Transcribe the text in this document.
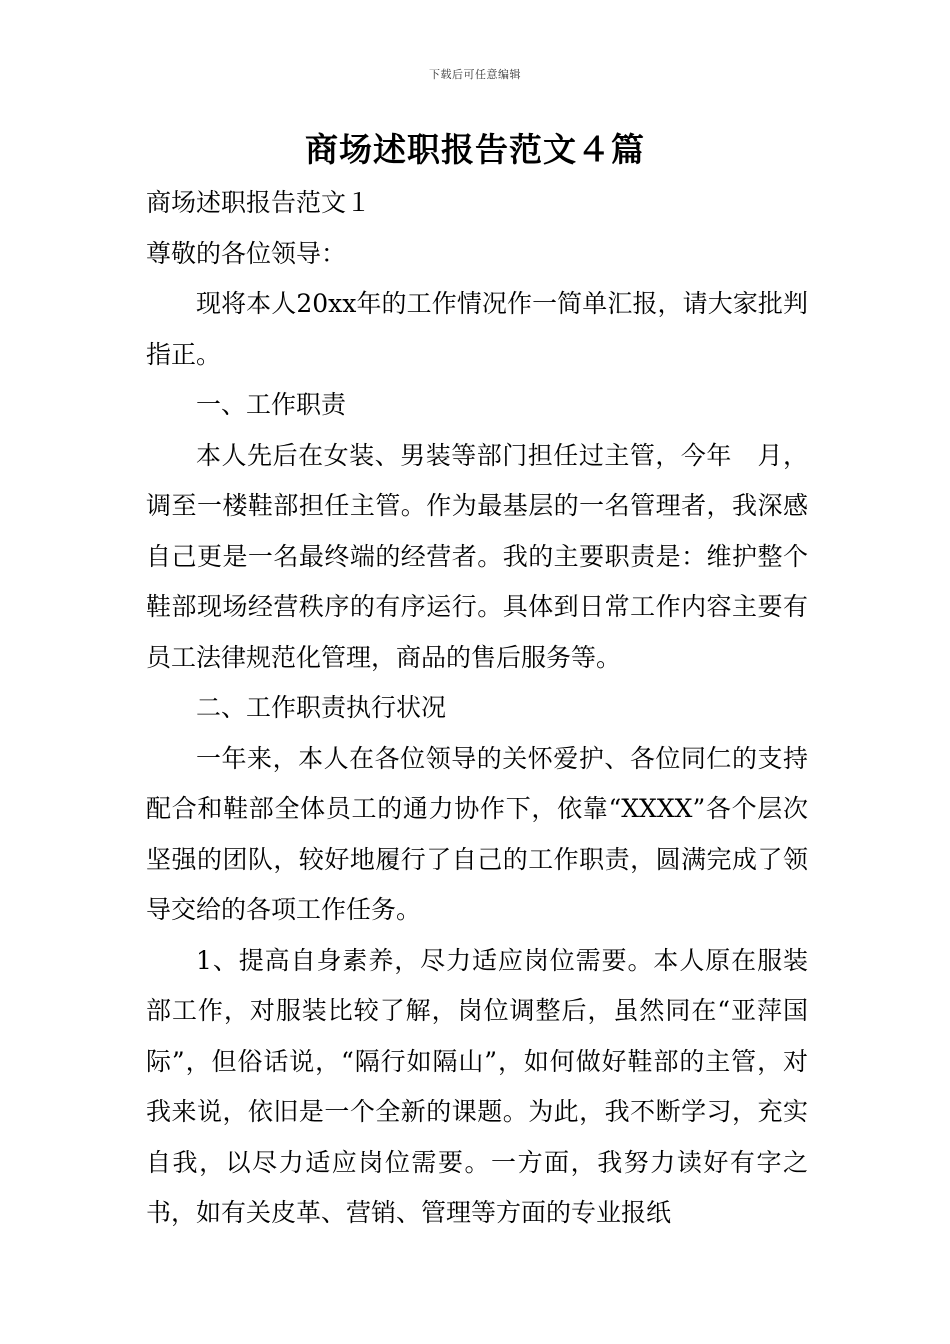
下载后可任意编辑
商场述职报告范文４篇

商场述职报告范文１

尊敬的各位领导：

现将本人20xx年的工作情况作一简单汇报，请大家批判指正。

一、工作职责

本人先后在女装、男装等部门担任过主管，今年　月，调至一楼鞋部担任主管。作为最基层的一名管理者，我深感自己更是一名最终端的经营者。我的主要职责是：维护整个鞋部现场经营秩序的有序运行。具体到日常工作内容主要有员工法律规范化管理，商品的售后服务等。

二、工作职责执行状况

一年来，本人在各位领导的关怀爱护、各位同仁的支持配合和鞋部全体员工的通力协作下，依靠“XXXX”各个层次坚强的团队，较好地履行了自己的工作职责，圆满完成了领导交给的各项工作任务。

1、提高自身素养，尽力适应岗位需要。本人原在服装部工作，对服装比较了解，岗位调整后，虽然同在“亚萍国际”，但俗话说，“隔行如隔山”，如何做好鞋部的主管，对我来说，依旧是一个全新的课题。为此，我不断学习，充实自我，以尽力适应岗位需要。一方面，我努力读好有字之书，如有关皮革、营销、管理等方面的专业报纸
